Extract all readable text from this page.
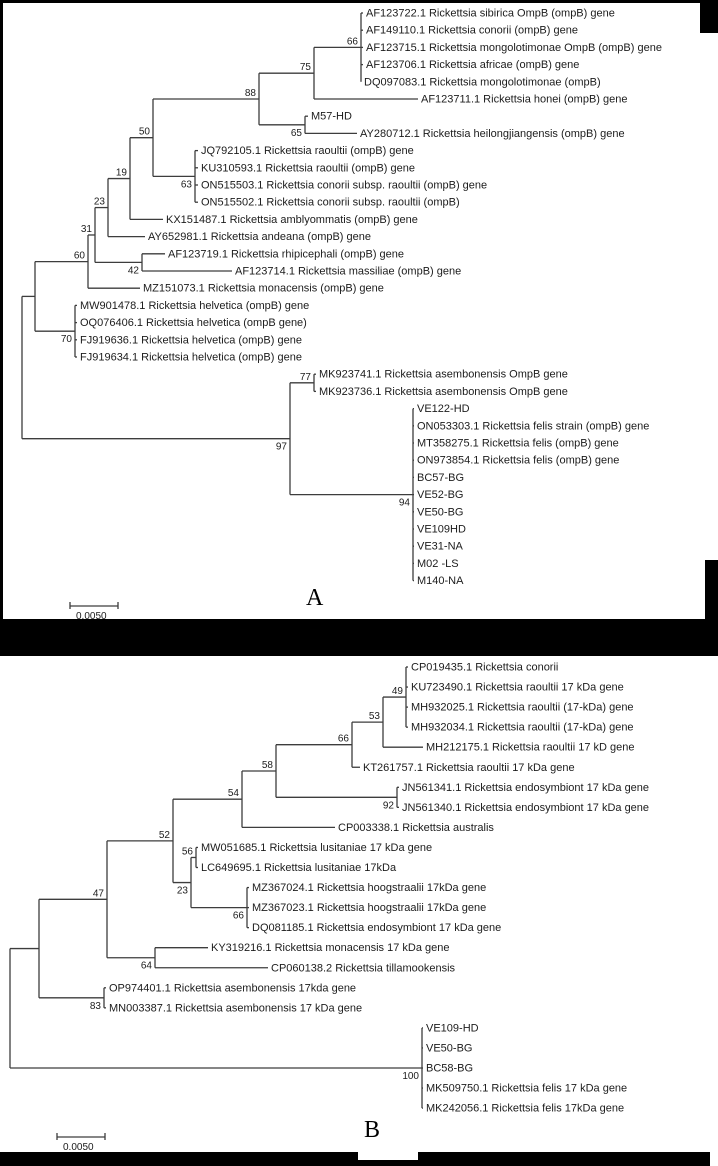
60
31
23
19
50
88
75
66
AF123722.1 Rickettsia sibirica OmpB (ompB) gene
AF149110.1 Rickettsia conorii (ompB) gene
AF123715.1 Rickettsia mongolotimonae OmpB (ompB) gene
AF123706.1 Rickettsia africae (ompB) gene
DQ097083.1 Rickettsia mongolotimonae (ompB)
AF123711.1 Rickettsia honei (ompB) gene
65
M57-HD
AY280712.1 Rickettsia heilongjiangensis (ompB) gene
63
JQ792105.1 Rickettsia raoultii (ompB) gene
KU310593.1 Rickettsia raoultii (ompB) gene
ON515503.1 Rickettsia conorii subsp. raoultii (ompB) gene
ON515502.1 Rickettsia conorii subsp. raoultii (ompB)
KX151487.1 Rickettsia amblyommatis (ompB) gene
AY652981.1 Rickettsia andeana (ompB) gene
42
AF123719.1 Rickettsia rhipicephali (ompB) gene
AF123714.1 Rickettsia massiliae (ompB) gene
MZ151073.1 Rickettsia monacensis (ompB) gene
70
MW901478.1 Rickettsia helvetica (ompB) gene
OQ076406.1 Rickettsia helvetica (ompB gene)
FJ919636.1 Rickettsia helvetica (ompB) gene
FJ919634.1 Rickettsia helvetica (ompB) gene
97
77 MK923741.1 Rickettsia asembonensis OmpB gene
MK923736.1 Rickettsia asembonensis OmpB gene
94
VE122-HD
ON053303.1 Rickettsia felis strain (ompB) gene
MT358275.1 Rickettsia felis (ompB) gene
ON973854.1 Rickettsia felis (ompB) gene
BC57-BG
VE52-BG
VE50-BG
VE109HD
VE31-NA
M02 -LS
M140-NA
0.0050
47
52
54
58
66
53
49
CP019435.1 Rickettsia conorii
KU723490.1 Rickettsia raoultii 17 kDa gene
MH932025.1 Rickettsia raoultii (17-kDa) gene
MH932034.1 Rickettsia raoultii (17-kDa) gene
MH212175.1 Rickettsia raoultii 17 kD gene
KT261757.1 Rickettsia raoultii 17 kDa gene
92
JN561341.1 Rickettsia endosymbiont 17 kDa gene
JN561340.1 Rickettsia endosymbiont 17 kDa gene
CP003338.1 Rickettsia australis
23
56 MW051685.1 Rickettsia lusitaniae 17 kDa gene
LC649695.1 Rickettsia lusitaniae 17kDa
66
MZ367024.1 Rickettsia hoogstraalii 17kDa gene
MZ367023.1 Rickettsia hoogstraalii 17kDa gene
DQ081185.1 Rickettsia endosymbiont 17 kDa gene
64
KY319216.1 Rickettsia monacensis 17 kDa gene
CP060138.2 Rickettsia tillamookensis
83
OP974401.1 Rickettsia asembonensis 17kda gene
MN003387.1 Rickettsia asembonensis 17 kDa gene
100
VE109-HD
VE50-BG
BC58-BG
MK509750.1 Rickettsia felis 17 kDa gene
MK242056.1 Rickettsia felis 17kDa gene
0.0050
A
B
